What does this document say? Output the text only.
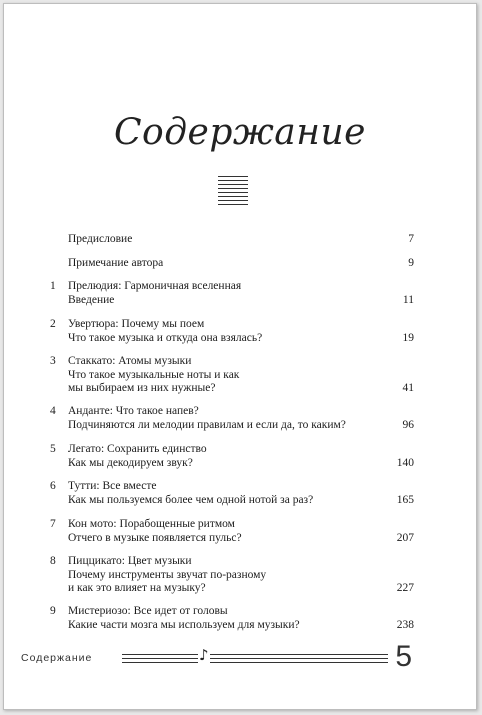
Содержание
Предисловие	7
Примечание автора	9
1 Прелюдия: Гармоничная вселенная
Введение	11
2 Увертюра: Почему мы поем
Что такое музыка и откуда она взялась?	19
3 Стаккато: Атомы музыки
Что такое музыкальные ноты и как
мы выбираем из них нужные?	41
4 Анданте: Что такое напев?
Подчиняются ли мелодии правилам и если да, то каким?	96
5 Легато: Сохранить единство
Как мы декодируем звук?	140
6 Тутти: Все вместе
Как мы пользуемся более чем одной нотой за раз?	165
7 Кон мото: Порабощенные ритмом
Отчего в музыке появляется пульс?	207
8 Пиццикато: Цвет музыки
Почему инструменты звучат по-разному
и как это влияет на музыку?	227
9 Мистериозо: Все идет от головы
Какие части мозга мы используем для музыки?	238
Содержание	♪	5
